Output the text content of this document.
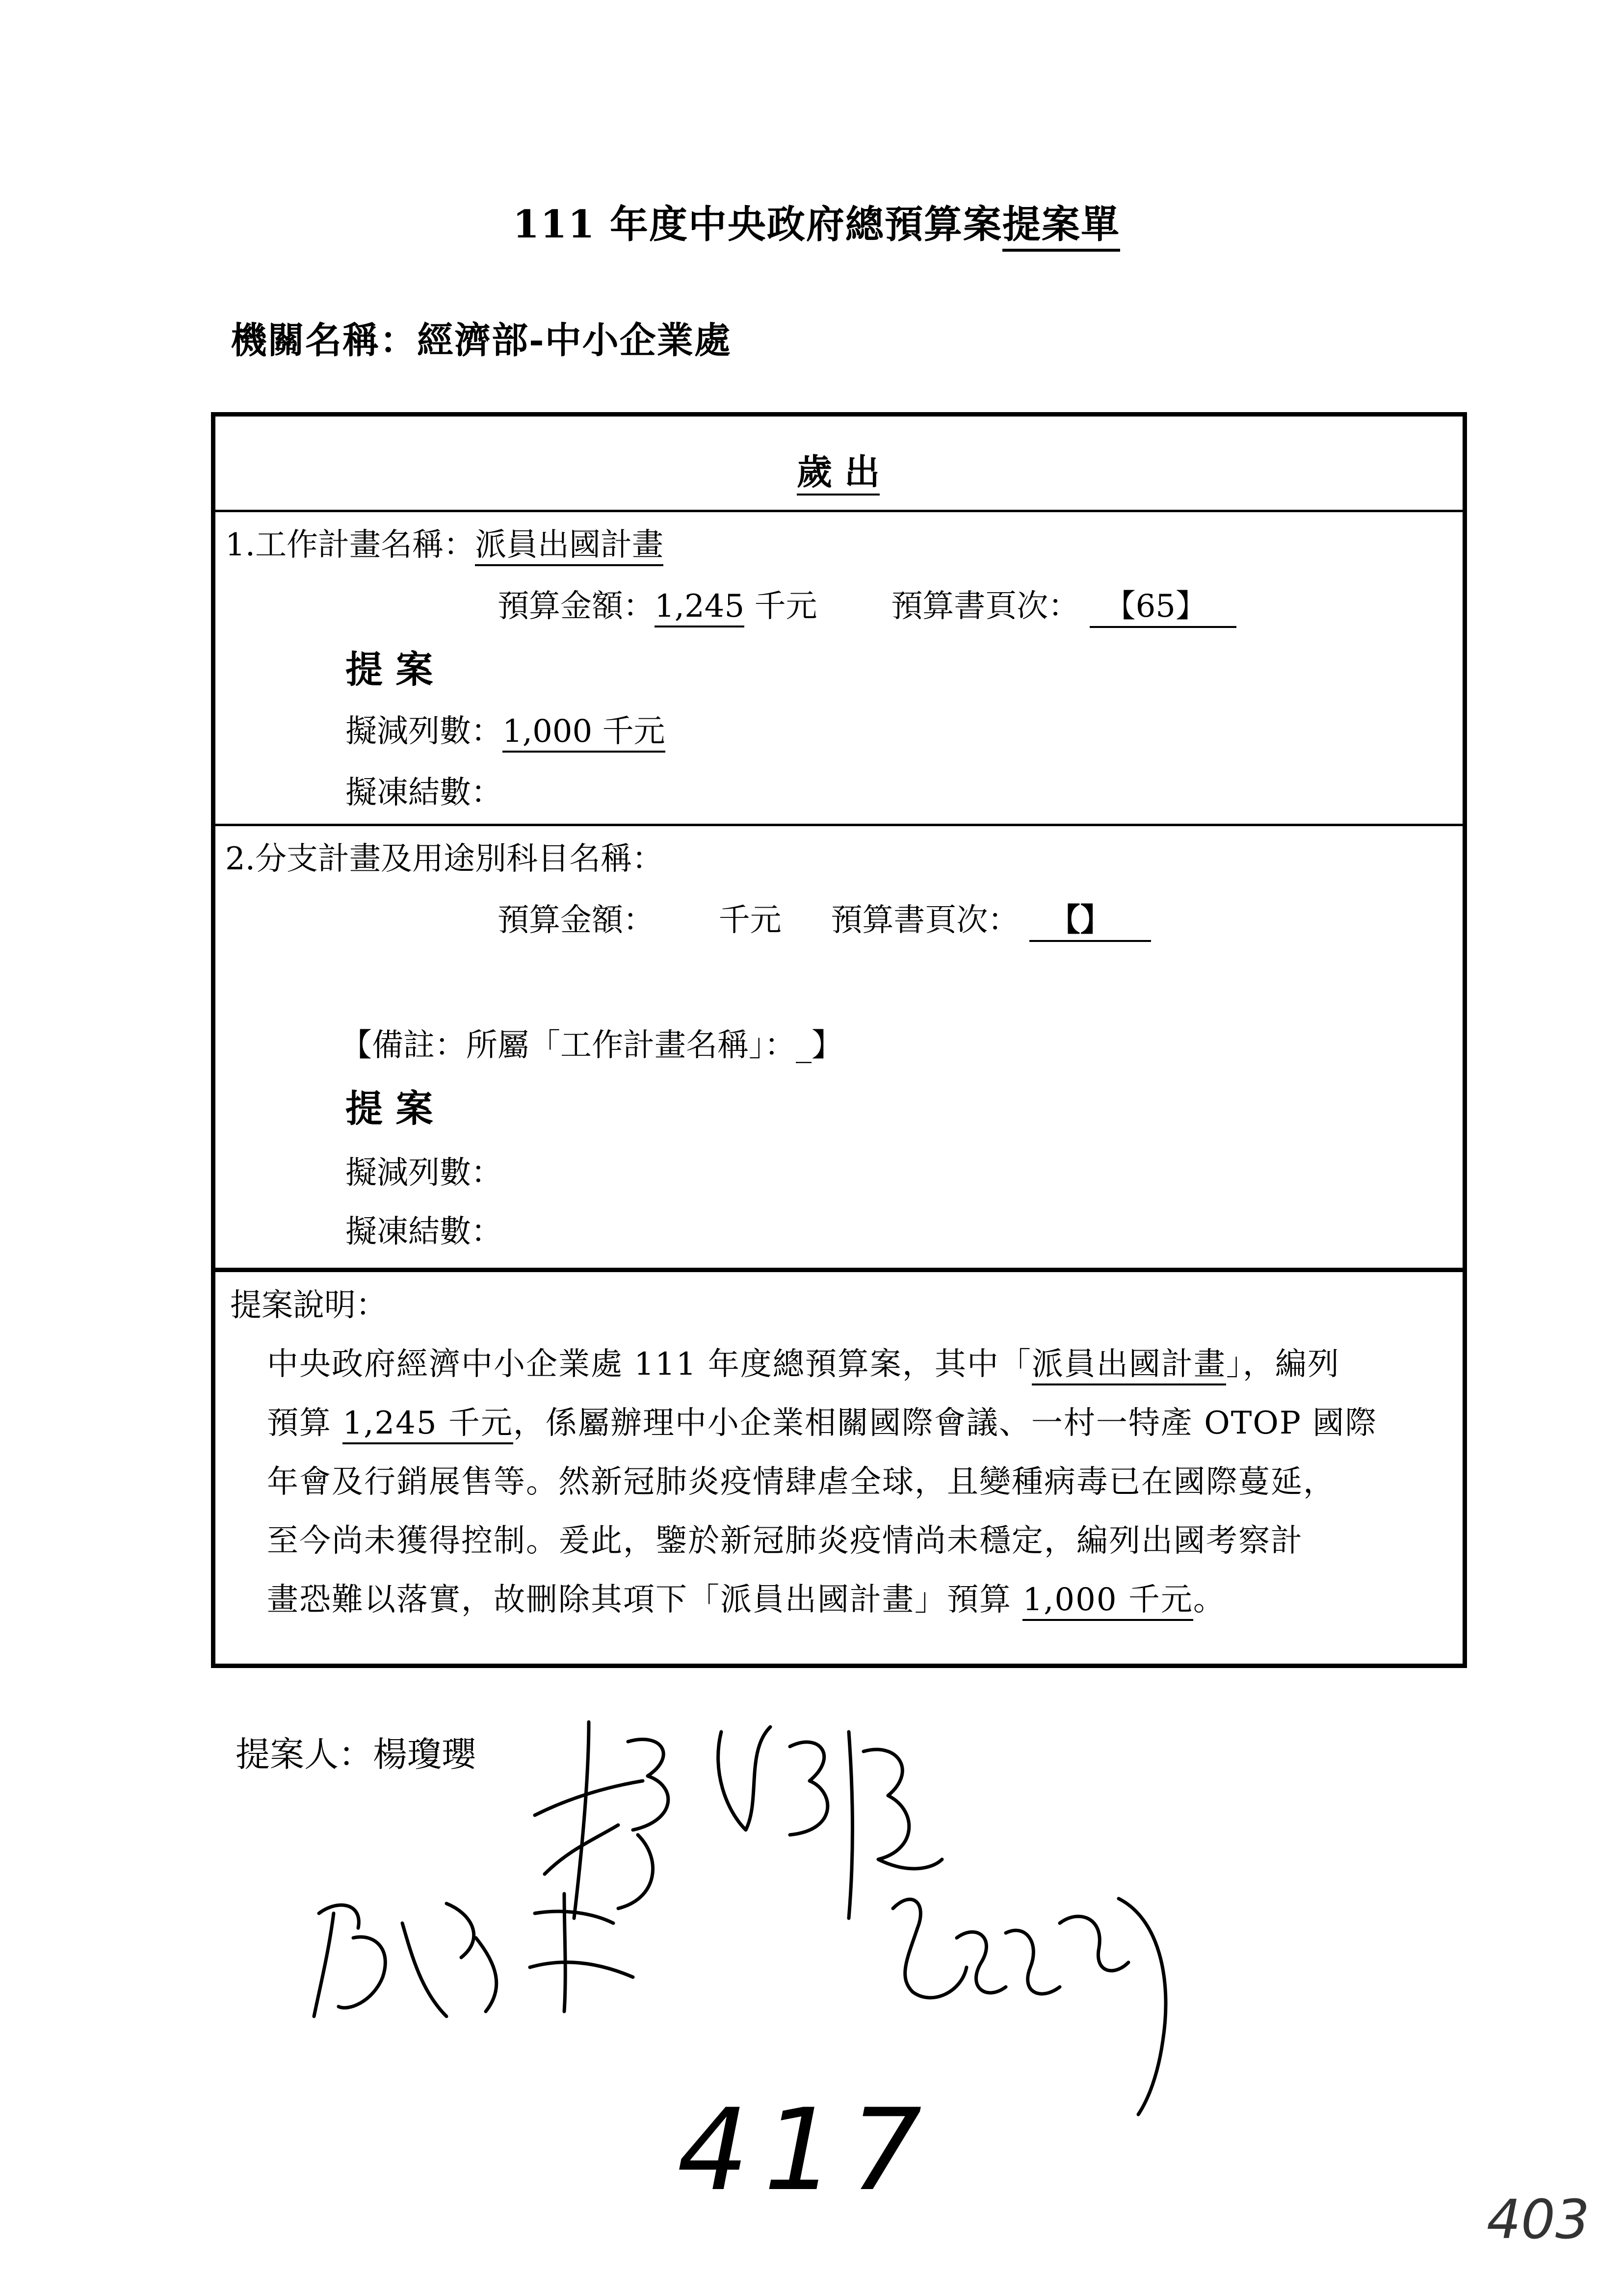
111 年度中央政府總預算案提案單
機關名稱：經濟部-中小企業處
歲 出
1.工作計畫名稱：派員出國計畫
預算金額：1,245 千元 預算書頁次： 【65】
提 案
擬減列數：1,000 千元
擬凍結數：
2.分支計畫及用途別科目名稱：
預算金額： 千元 預算書頁次： 【】
【備註：所屬「工作計畫名稱」：_】
提 案
擬減列數：
擬凍結數：
提案說明：
中央政府經濟中小企業處 111 年度總預算案，其中「派員出國計畫」，編列
預算 1,245 千元，係屬辦理中小企業相關國際會議、一村一特產 OTOP 國際
年會及行銷展售等。然新冠肺炎疫情肆虐全球，且變種病毒已在國際蔓延，
至今尚未獲得控制。爰此，鑒於新冠肺炎疫情尚未穩定，編列出國考察計
畫恐難以落實，故刪除其項下「派員出國計畫」預算 1,000 千元。
提案人：楊瓊瓔
417
403
